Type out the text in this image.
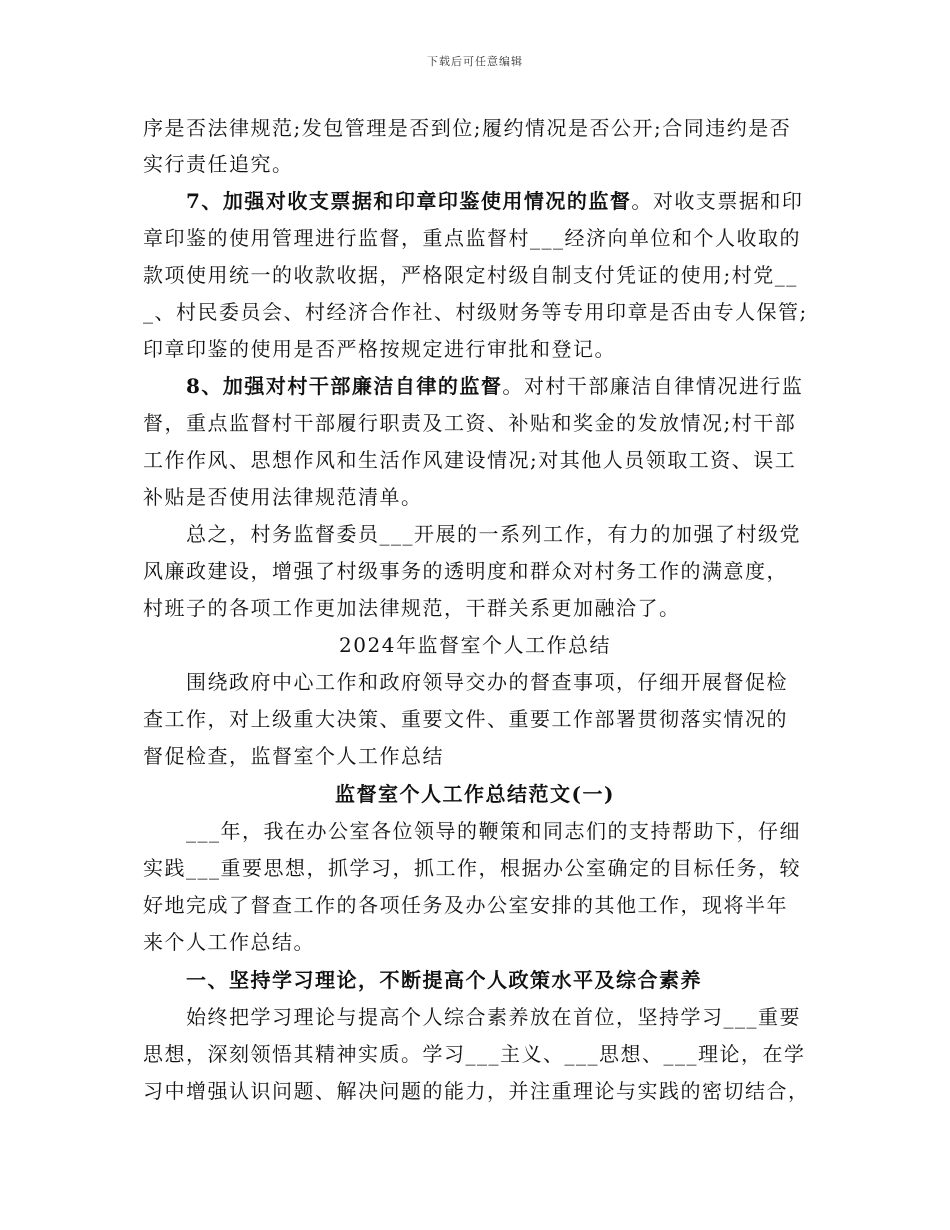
下载后可任意编辑
序是否法律规范;发包管理是否到位;履约情况是否公开;合同违约是否
实行责任追究。
7、加强对收支票据和印章印鉴使用情况的监督。对收支票据和印
章印鉴的使用管理进行监督，重点监督村___经济向单位和个人收取的
款项使用统一的收款收据，严格限定村级自制支付凭证的使用;村党__
_、村民委员会、村经济合作社、村级财务等专用印章是否由专人保管;
印章印鉴的使用是否严格按规定进行审批和登记。
8、加强对村干部廉洁自律的监督。对村干部廉洁自律情况进行监
督，重点监督村干部履行职责及工资、补贴和奖金的发放情况;村干部
工作作风、思想作风和生活作风建设情况;对其他人员领取工资、误工
补贴是否使用法律规范清单。
总之，村务监督委员___开展的一系列工作，有力的加强了村级党
风廉政建设，增强了村级事务的透明度和群众对村务工作的满意度，
村班子的各项工作更加法律规范，干群关系更加融洽了。
2024年监督室个人工作总结
围绕政府中心工作和政府领导交办的督查事项，仔细开展督促检
查工作，对上级重大决策、重要文件、重要工作部署贯彻落实情况的
督促检查，监督室个人工作总结
监督室个人工作总结范文(一)
___年，我在办公室各位领导的鞭策和同志们的支持帮助下，仔细
实践___重要思想，抓学习，抓工作，根据办公室确定的目标任务，较
好地完成了督查工作的各项任务及办公室安排的其他工作，现将半年
来个人工作总结。
一、坚持学习理论，不断提高个人政策水平及综合素养
始终把学习理论与提高个人综合素养放在首位，坚持学习___重要
思想，深刻领悟其精神实质。学习___主义、___思想、___理论，在学
习中增强认识问题、解决问题的能力，并注重理论与实践的密切结合，
